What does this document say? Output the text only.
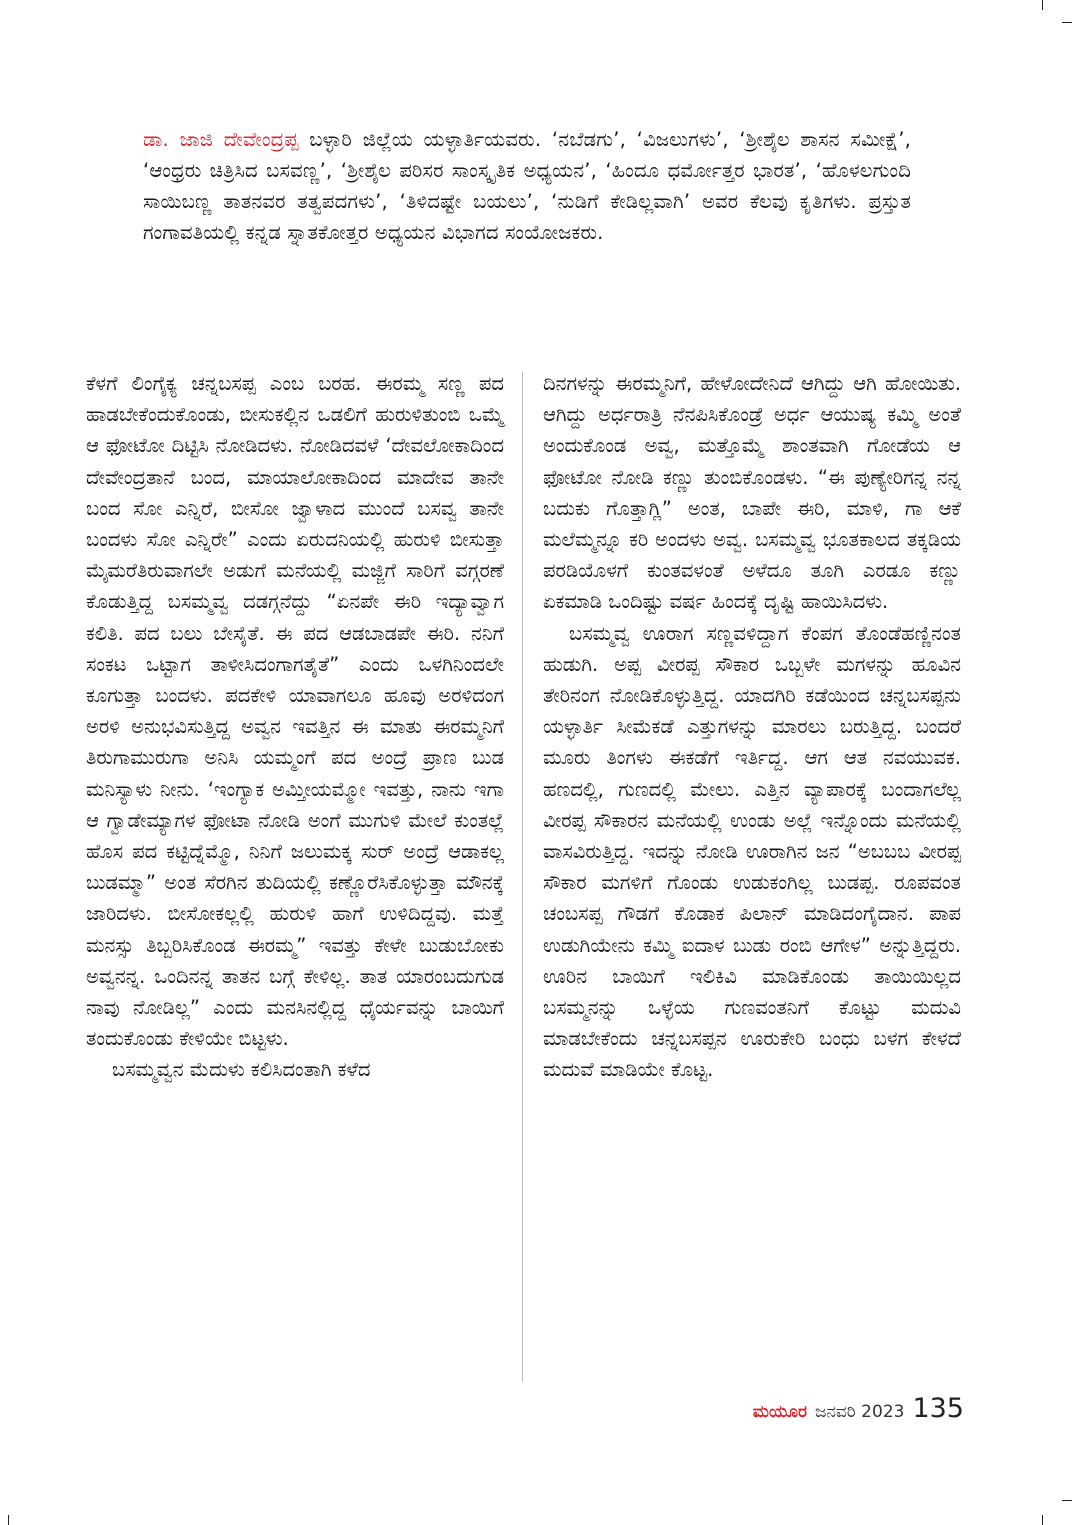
ಡಾ. ಜಾಜಿ ದೇವೇಂದ್ರಪ್ಪ ಬಳ್ಳಾರಿ ಜಿಲ್ಲೆಯ ಯಳ್ಳಾರ್ತಿಯವರು. ‘ನಬೆಡಗು’, ‘ವಿಜಲುಗಳು’, ‘ಶ್ರೀಶೈಲ ಶಾಸನ ಸಮೀಕ್ಷೆ’, ‘ಆಂಧ್ರರು ಚಿತ್ರಿಸಿದ ಬಸವಣ್ಣ’, ‘ಶ್ರೀಶೈಲ ಪರಿಸರ ಸಾಂಸ್ಕೃತಿಕ ಅಧ್ಯಯನ’, ‘ಹಿಂದೂ ಧರ್ಮೋತ್ತರ ಭಾರತ’, ‘ಹೊಳಲಗುಂದಿ ಸಾಯಿಬಣ್ಣ ತಾತನವರ ತತ್ವಪದಗಳು’, ‘ತಿಳಿದಷ್ಟೇ ಬಯಲು’, ‘ನುಡಿಗೆ ಕೇಡಿಲ್ಲವಾಗಿ’ ಅವರ ಕೆಲವು ಕೃತಿಗಳು. ಪ್ರಸ್ತುತ ಗಂಗಾವತಿಯಲ್ಲಿ ಕನ್ನಡ ಸ್ನಾತಕೋತ್ತರ ಅಧ್ಯಯನ ವಿಭಾಗದ ಸಂಯೋಜಕರು.

ಕೆಳಗೆ ಲಿಂಗೈಕ್ಯ ಚನ್ನಬಸಪ್ಪ ಎಂಬ ಬರಹ. ಈರಮ್ಮ ಸಣ್ಣ ಪದ ಹಾಡಬೇಕೆಂದುಕೊಂಡು, ಬೀಸುಕಲ್ಲಿನ ಒಡಲಿಗೆ ಹುರುಳಿತುಂಬಿ ಒಮ್ಮೆ ಆ ಫೋಟೋ ದಿಟ್ಟಿಸಿ ನೋಡಿದಳು. ನೋಡಿದವಳೆ ‘ದೇವಲೋಕಾದಿಂದ ದೇವೇಂದ್ರತಾನೆ ಬಂದ, ಮಾಯಾಲೋಕಾದಿಂದ ಮಾದೇವ ತಾನೇ ಬಂದ ಸೋ ಎನ್ನಿರೆ, ಬೀಸೋ ಜ್ವಾಳಾದ ಮುಂದೆ ಬಸವ್ವ ತಾನೇ ಬಂದಳು ಸೋ ಎನ್ನಿರೇ” ಎಂದು ಏರುದನಿಯಲ್ಲಿ ಹುರುಳಿ ಬೀಸುತ್ತಾ ಮೈಮರೆತಿರುವಾಗಲೇ ಅಡುಗೆ ಮನೆಯಲ್ಲಿ ಮಜ್ಜಿಗೆ ಸಾರಿಗೆ ವಗ್ಗರಣೆ ಕೊಡುತ್ತಿದ್ದ ಬಸಮ್ಮವ್ವ ದಡಗ್ಗನೆದ್ದು “ಏನಪೇ ಈರಿ ಇದ್ಯಾವ್ವಾಗ ಕಲಿತಿ. ಪದ ಬಲು ಬೇಸೈತೆ. ಈ ಪದ ಆಡಬಾಡಪೇ ಈರಿ. ನನಿಗೆ ಸಂಕಟ ಒಟ್ಟಾಗ ತಾಳೀಸಿದಂಗಾಗತೈತೆ” ಎಂದು ಒಳಗಿನಿಂದಲೇ ಕೂಗುತ್ತಾ ಬಂದಳು. ಪದಕೇಳಿ ಯಾವಾಗಲೂ ಹೂವು ಅರಳಿದಂಗ ಅರಳಿ ಅನುಭವಿಸುತ್ತಿದ್ದ ಅವ್ವನ ಇವತ್ತಿನ ಈ ಮಾತು ಈರಮ್ಮನಿಗೆ ತಿರುಗಾಮುರುಗಾ ಅನಿಸಿ ಯಮ್ಮಂಗೆ ಪದ ಅಂದ್ರೆ ಪ್ರಾಣ ಬುಡ ಮನಿಸ್ಯಾಳು ನೀನು. ‘ಇಂಗ್ಯಾಕ ಅಮ್ತೀಯಮ್ಮೋ ಇವತ್ತು, ನಾನು ಇಗಾ ಆ ಗ್ವಾಡೇಮ್ಯಾಗಳ ಫೋಟಾ ನೋಡಿ ಅಂಗೆ ಮುಗುಳಿ ಮೇಲೆ ಕುಂತಲ್ಲೆ ಹೊಸ ಪದ ಕಟ್ಟಿದ್ನೆಮ್ಮೊ, ನಿನಿಗೆ ಜಲುಮಕ್ಕ ಸುರ್ ಅಂದ್ರೆ ಆಡಾಕಲ್ಲ ಬುಡಮ್ಮಾ” ಅಂತ ಸೆರಗಿನ ತುದಿಯಲ್ಲಿ ಕಣ್ಣೊರೆಸಿಕೊಳ್ಳುತ್ತಾ ಮೌನಕ್ಕೆ ಜಾರಿದಳು. ಬೀಸೋಕಲ್ಲಲ್ಲಿ ಹುರುಳಿ ಹಾಗೆ ಉಳಿದಿದ್ದವು. ಮತ್ತೆ ಮನಸ್ಸು ತಿಬ್ಬರಿಸಿಕೊಂಡ ಈರಮ್ಮ” ಇವತ್ತು ಕೇಳೇ ಬುಡುಬೋಕು ಅವ್ವನನ್ನ. ಒಂದಿನನ್ನ ತಾತನ ಬಗ್ಗೆ ಕೇಳಿಲ್ಲ. ತಾತ ಯಾರಂಬದುಗುಡ ನಾವು ನೋಡಿಲ್ಲ” ಎಂದು ಮನಸಿನಲ್ಲಿದ್ದ ಧೈರ್ಯವನ್ನು ಬಾಯಿಗೆ ತಂದುಕೊಂಡು ಕೇಳಿಯೇ ಬಿಟ್ಟಳು.

ಬಸಮ್ಮವ್ವನ ಮೆದುಳು ಕಲಿಸಿದಂತಾಗಿ ಕಳೆದ

ದಿನಗಳನ್ನು ಈರಮ್ಮನಿಗೆ, ಹೇಳೋದೇನಿದೆ ಆಗಿದ್ದು ಆಗಿ ಹೋಯಿತು. ಆಗಿದ್ದು ಅರ್ಧರಾತ್ರಿ ನೆನಪಿಸಿಕೊಂಡ್ರೆ ಅರ್ಧ ಆಯುಷ್ಯ ಕಮ್ಮಿ ಅಂತೆ ಅಂದುಕೊಂಡ ಅವ್ವ, ಮತ್ತೊಮ್ಮೆ ಶಾಂತವಾಗಿ ಗೋಡೆಯ ಆ ಫೋಟೋ ನೋಡಿ ಕಣ್ಣು ತುಂಬಿಕೊಂಡಳು. “ಈ ಪುಣ್ಯೇರಿಗನ್ನ ನನ್ನ ಬದುಕು ಗೊತ್ತಾಗ್ಲಿ” ಅಂತ, ಬಾಪೇ ಈರಿ, ಮಾಳಿ, ಗಾ ಆಕೆ ಮಲೆಮ್ಮನ್ನೂ ಕರಿ ಅಂದಳು ಅವ್ವ. ಬಸಮ್ಮವ್ವ ಭೂತಕಾಲದ ತಕ್ಕಡಿಯ ಪರಡಿಯೊಳಗೆ ಕುಂತವಳಂತೆ ಅಳೆದೂ ತೂಗಿ ಎರಡೂ ಕಣ್ಣು ಏಕಮಾಡಿ ಒಂದಿಷ್ಟು ವರ್ಷ ಹಿಂದಕ್ಕೆ ದೃಷ್ಟಿ ಹಾಯಿಸಿದಳು.

ಬಸಮ್ಮವ್ವ ಊರಾಗ ಸಣ್ಣವಳಿದ್ದಾಗ ಕೆಂಪಗ ತೊಂಡೆಹಣ್ಣಿನಂತ ಹುಡುಗಿ. ಅಪ್ಪ ವೀರಪ್ಪ ಸೌಕಾರ ಒಬ್ಬಳೇ ಮಗಳನ್ನು ಹೂವಿನ ತೇರಿನಂಗ ನೋಡಿಕೊಳ್ಳುತ್ತಿದ್ದ. ಯಾದಗಿರಿ ಕಡೆಯಿಂದ ಚನ್ನಬಸಪ್ಪನು ಯಳ್ಳಾರ್ತಿ ಸೀಮೆಕಡೆ ಎತ್ತುಗಳನ್ನು ಮಾರಲು ಬರುತ್ತಿದ್ದ. ಬಂದರೆ ಮೂರು ತಿಂಗಳು ಈಕಡೆಗೆ ಇರ್ತಿದ್ದ. ಆಗ ಆತ ನವಯುವಕ. ಹಣದಲ್ಲಿ, ಗುಣದಲ್ಲಿ ಮೇಲು. ಎತ್ತಿನ ವ್ಯಾಪಾರಕ್ಕೆ ಬಂದಾಗಲೆಲ್ಲ ವೀರಪ್ಪ ಸೌಕಾರನ ಮನೆಯಲ್ಲಿ ಉಂಡು ಅಲ್ಲೆ ಇನ್ನೊಂದು ಮನೆಯಲ್ಲಿ ವಾಸವಿರುತ್ತಿದ್ದ. ಇದನ್ನು ನೋಡಿ ಊರಾಗಿನ ಜನ “ಅಬಬಬ ವೀರಪ್ಪ ಸೌಕಾರ ಮಗಳಿಗೆ ಗೊಂಡು ಉಡುಕಂಗಿಲ್ಲ ಬುಡಪ್ಪ. ರೂಪವಂತ ಚಂಬಸಪ್ಪ ಗೌಡಗೆ ಕೊಡಾಕ ಪಿಲಾನ್ ಮಾಡಿದಂಗೈದಾನ. ಪಾಪ ಉಡುಗಿಯೇನು ಕಮ್ಮಿ ಐದಾಳ ಬುಡು ರಂಬಿ ಆಗೇಳ” ಅನ್ನುತ್ತಿದ್ದರು. ಊರಿನ ಬಾಯಿಗೆ ಇಲಿಕಿವಿ ಮಾಡಿಕೊಂಡು ತಾಯಿಯಿಲ್ಲದ ಬಸಮ್ಮನನ್ನು ಒಳ್ಳೆಯ ಗುಣವಂತನಿಗೆ ಕೊಟ್ಟು ಮದುವಿ ಮಾಡಬೇಕೆಂದು ಚನ್ನಬಸಪ್ಪನ ಊರುಕೇರಿ ಬಂಧು ಬಳಗ ಕೇಳದೆ ಮದುವೆ ಮಾಡಿಯೇ ಕೊಟ್ಟ.

ಮಯೂರ ಜನವರಿ 2023 135
